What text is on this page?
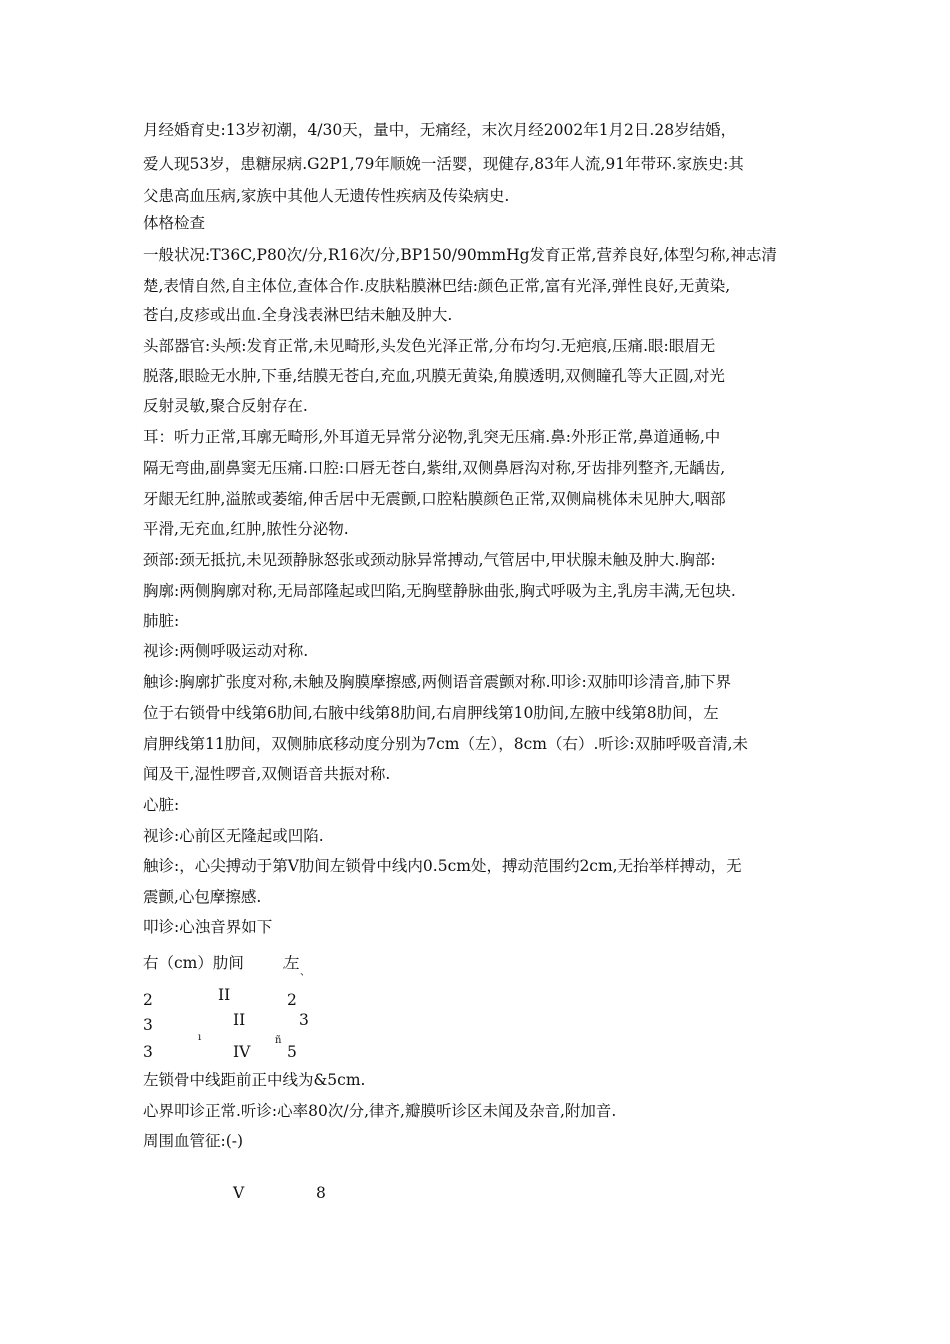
月经婚育史:13岁初潮，4/30天，量中，无痛经，末次月经2002年1月2日.28岁结婚，
爱人现53岁，患糖尿病.G2P1,79年顺娩一活婴，现健存,83年人流,91年带环.家族史:其
父患高血压病,家族中其他人无遗传性疾病及传染病史.
体格检查
一般状况:T36C,P80次/分,R16次/分,BP150/90mmHg发育正常,营养良好,体型匀称,神志清
楚,表情自然,自主体位,查体合作.皮肤粘膜淋巴结:颜色正常,富有光泽,弹性良好,无黄染,
苍白,皮疹或出血.全身浅表淋巴结未触及肿大.
头部器官:头颅:发育正常,未见畸形,头发色光泽正常,分布均匀.无疤痕,压痛.眼:眼眉无
脱落,眼睑无水肿,下垂,结膜无苍白,充血,巩膜无黄染,角膜透明,双侧瞳孔等大正圆,对光
反射灵敏,聚合反射存在.
耳：听力正常,耳廓无畸形,外耳道无异常分泌物,乳突无压痛.鼻:外形正常,鼻道通畅,中
隔无弯曲,副鼻窦无压痛.口腔:口唇无苍白,紫绀,双侧鼻唇沟对称,牙齿排列整齐,无龋齿,
牙龈无红肿,溢脓或萎缩,伸舌居中无震颤,口腔粘膜颜色正常,双侧扁桃体未见肿大,咽部
平滑,无充血,红肿,脓性分泌物.
颈部:颈无抵抗,未见颈静脉怒张或颈动脉异常搏动,气管居中,甲状腺未触及肿大.胸部:
胸廓:两侧胸廓对称,无局部隆起或凹陷,无胸壁静脉曲张,胸式呼吸为主,乳房丰满,无包块.
肺脏:
视诊:两侧呼吸运动对称.
触诊:胸廓扩张度对称,未触及胸膜摩擦感,两侧语音震颤对称.叩诊:双肺叩诊清音,肺下界
位于右锁骨中线第6肋间,右腋中线第8肋间,右肩胛线第10肋间,左腋中线第8肋间，左
肩胛线第11肋间，双侧肺底移动度分别为7cm（左），8cm（右）.听诊:双肺呼吸音清,未
闻及干,湿性啰音,双侧语音共振对称.
心脏:
视诊:心前区无隆起或凹陷.
触诊:，心尖搏动于第Ⅴ肋间左锁骨中线内0.5cm处，搏动范围约2cm,无抬举样搏动，无
震颤,心包摩擦感.
叩诊:心浊音界如下
右（cm）肋间	左
、
ˊ
2	II	2
3	II	3
ı	ñ
3	IV 5
左锁骨中线距前正中线为&5cm.
心界叩诊正常.听诊:心率80次/分,律齐,瓣膜听诊区未闻及杂音,附加音.
周围血管征:(-)
V	8
